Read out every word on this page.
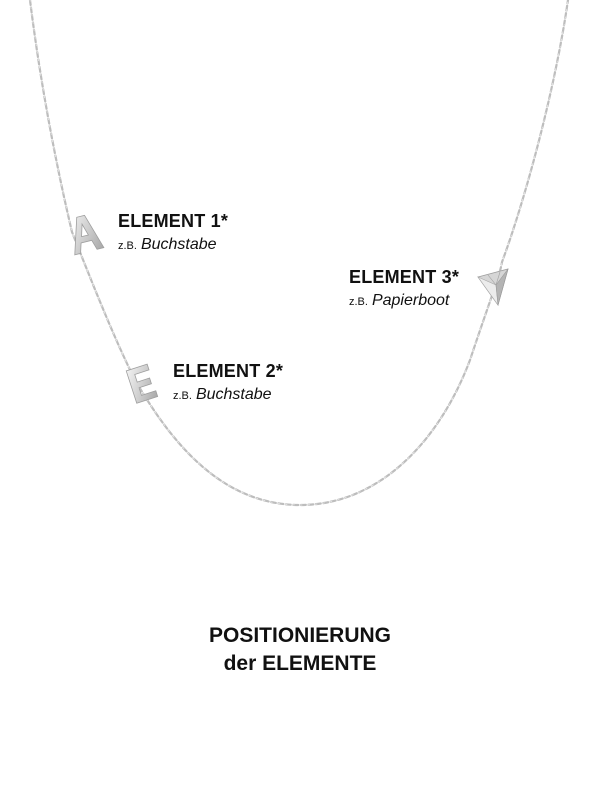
ELEMENT 1*
z.B. Buchstabe
ELEMENT 3*
z.B. Papierboot
ELEMENT 2*
z.B. Buchstabe
POSITIONIERUNG
der ELEMENTE
